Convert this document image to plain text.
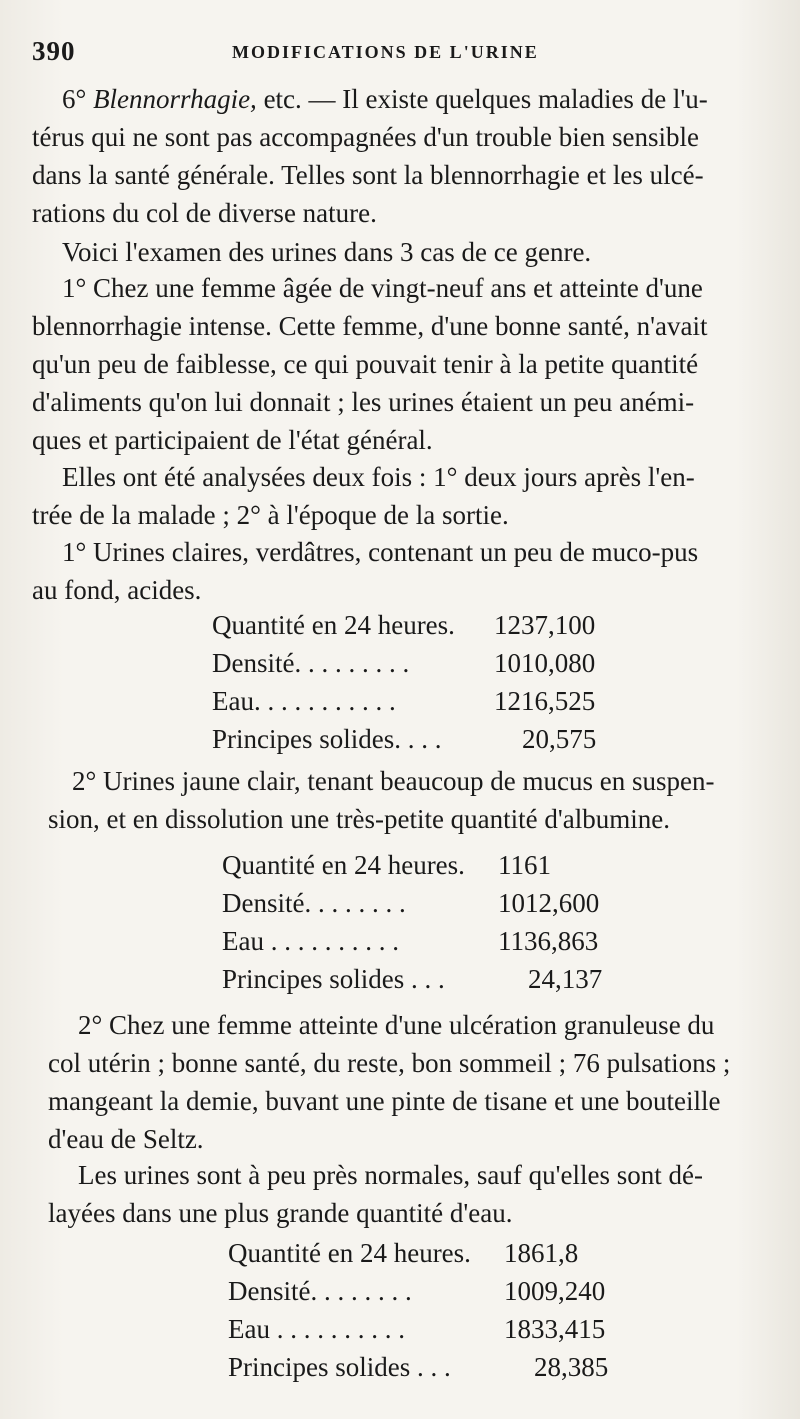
390	MODIFICATIONS DE L'URINE
6° Blennorrhagie, etc. — Il existe quelques maladies de l'u-
térus qui ne sont pas accompagnées d'un trouble bien sensible
dans la santé générale. Telles sont la blennorrhagie et les ulcé-
rations du col de diverse nature.
Voici l'examen des urines dans 3 cas de ce genre.
1° Chez une femme âgée de vingt-neuf ans et atteinte d'une
blennorrhagie intense. Cette femme, d'une bonne santé, n'avait
qu'un peu de faiblesse, ce qui pouvait tenir à la petite quantité
d'aliments qu'on lui donnait ; les urines étaient un peu anémi-
ques et participaient de l'état général.
Elles ont été analysées deux fois : 1° deux jours après l'en-
trée de la malade ; 2° à l'époque de la sortie.
1° Urines claires, verdâtres, contenant un peu de muco-pus
au fond, acides.
Quantité en 24 heures. 1237,100
Densité. . . . . . . . .	1010,080
Eau. . . . . . . . . . .	1216,525
Principes solides. . . .	20,575
2° Urines jaune clair, tenant beaucoup de mucus en suspen-
sion, et en dissolution une très-petite quantité d'albumine.
Quantité en 24 heures. 1161
Densité. . . . . . . .	1012,600
Eau . . . . . . . . . .	1136,863
Principes solides . . .	24,137
2° Chez une femme atteinte d'une ulcération granuleuse du
col utérin ; bonne santé, du reste, bon sommeil ; 76 pulsations ;
mangeant la demie, buvant une pinte de tisane et une bouteille
d'eau de Seltz.
Les urines sont à peu près normales, sauf qu'elles sont dé-
layées dans une plus grande quantité d'eau.
Quantité en 24 heures. 1861,8
Densité. . . . . . . .	1009,240
Eau . . . . . . . . . .	1833,415
Principes solides . . .	28,385
